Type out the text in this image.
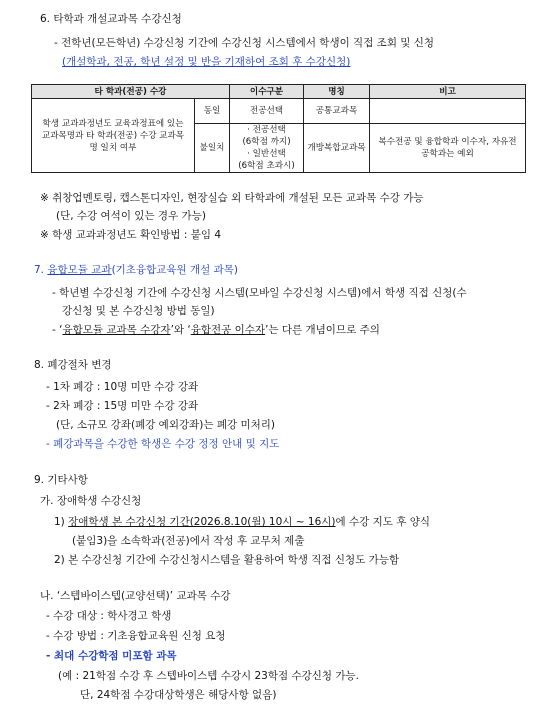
6. 타학과 개설교과목 수강신청
- 전학년(모든학년) 수강신청 기간에 수강신청 시스템에서 학생이 직접 조회 및 신청
(개설학과, 전공, 학년 설정 및 반을 기재하여 조회 후 수강신청)
타 학과(전공) 수강		이수구분	명칭	비고
학생 교과과정년도 교육과정표에 있는 교과목명과 타 학과(전공) 수강 교과목명 일치 여부	동일	전공선택	공통교과목	
	불일치	· 전공선택
(6학점 까지)
· 일반선택
(6학점 초과시)	개방복합교과목	복수전공 및 융합학과 이수자, 자유전공학과는 예외
※ 취창업멘토링, 캡스톤디자인, 현장실습 외 타학과에 개설된 모든 교과목 수강 가능
(단, 수강 여석이 있는 경우 가능)
※ 학생 교과과정년도 확인방법 : 붙임 4
7. 융합모듈 교과(기초융합교육원 개설 과목)
- 학년별 수강신청 기간에 수강신청 시스템(모바일 수강신청 시스템)에서 학생 직접 신청(수
강신청 및 본 수강신청 방법 동일)
- ‘융합모듈 교과목 수강자’와 ‘융합전공 이수자’는 다른 개념이므로 주의
8. 폐강절차 변경
- 1차 폐강 : 10명 미만 수강 강좌
- 2차 폐강 : 15명 미만 수강 강좌
(단, 소규모 강좌(폐강 예외강좌)는 폐강 미처리)
- 폐강과목을 수강한 학생은 수강 정정 안내 및 지도
9. 기타사항
가. 장애학생 수강신청
1) 장애학생 본 수강신청 기간(2026.8.10(월) 10시 ~ 16시)에 수강 지도 후 양식
(붙임3)을 소속학과(전공)에서 작성 후 교무처 제출
2) 본 수강신청 기간에 수강신청시스템을 활용하여 학생 직접 신청도 가능함
나. ‘스텝바이스텝(교양선택)’ 교과목 수강
- 수강 대상 : 학사경고 학생
- 수강 방법 : 기초융합교육원 신청 요청
- 최대 수강학점 미포함 과목
(예 : 21학점 수강 후 스텝바이스텝 수강시 23학점 수강신청 가능.
단, 24학점 수강대상학생은 해당사항 없음)
